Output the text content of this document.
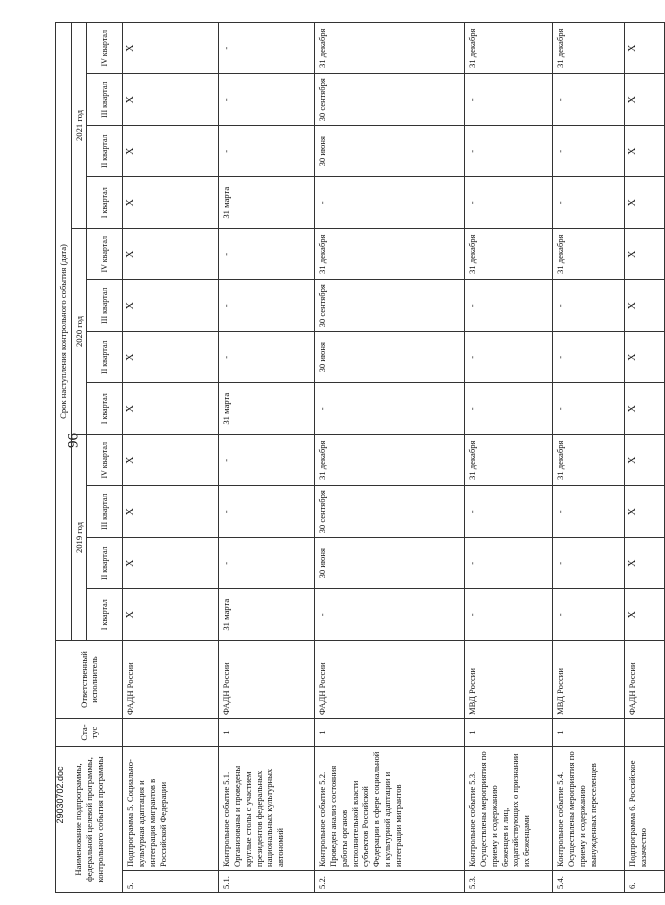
96
29030702.doc Наименование подпрограммы, федеральной целевой программы, контрольного события программы		Ста- тус	Ответственный исполнитель	Срок наступления контрольного события (дата)											
				2019 год				2020 год				2021 год			
				I квартал	II квартал	III квартал	IV квартал	I квартал	II квартал	III квартал	IV квартал	I квартал	II квартал	III квартал	IV квартал
5.	Подпрограмма 5. Социально-культурная адаптация и интеграция мигрантов в Российской Федерации		ФАДН России	X	X	X	X	X	X	X	X	X	X	X	X
5.1.	Контрольное событие 5.1. Организованы и проведены круглые столы с участием президентов федеральных национальных культурных автономий	1	ФАДН России	31 марта	-	-	-	31 марта	-	-	-	31 марта	-	-	-
5.2.	Контрольное событие 5.2. Проведен анализ состояния работы органов исполнительной власти субъектов Российской Федерации в сфере социальной и культурной адаптации и интеграции мигрантов	1	ФАДН России	-	30 июня	30 сентября	31 декабря	-	30 июня	30 сентября	31 декабря	-	30 июня	30 сентября	31 декабря
5.3.	Контрольное событие 5.3. Осуществлены мероприятия по приему и содержанию беженцев и лиц, ходатайствующих о признании их беженцами	1	МВД России	-	-	-	31 декабря	-	-	-	31 декабря	-	-	-	31 декабря
5.4.	Контрольное событие 5.4. Осуществлены мероприятия по приему и содержанию вынужденных переселенцев	1	МВД России	-	-	-	31 декабря	-	-	-	31 декабря	-	-	-	31 декабря
6.	Подпрограмма 6. Российское казачество		ФАДН России	X	X	X	X	X	X	X	X	X	X	X	X
